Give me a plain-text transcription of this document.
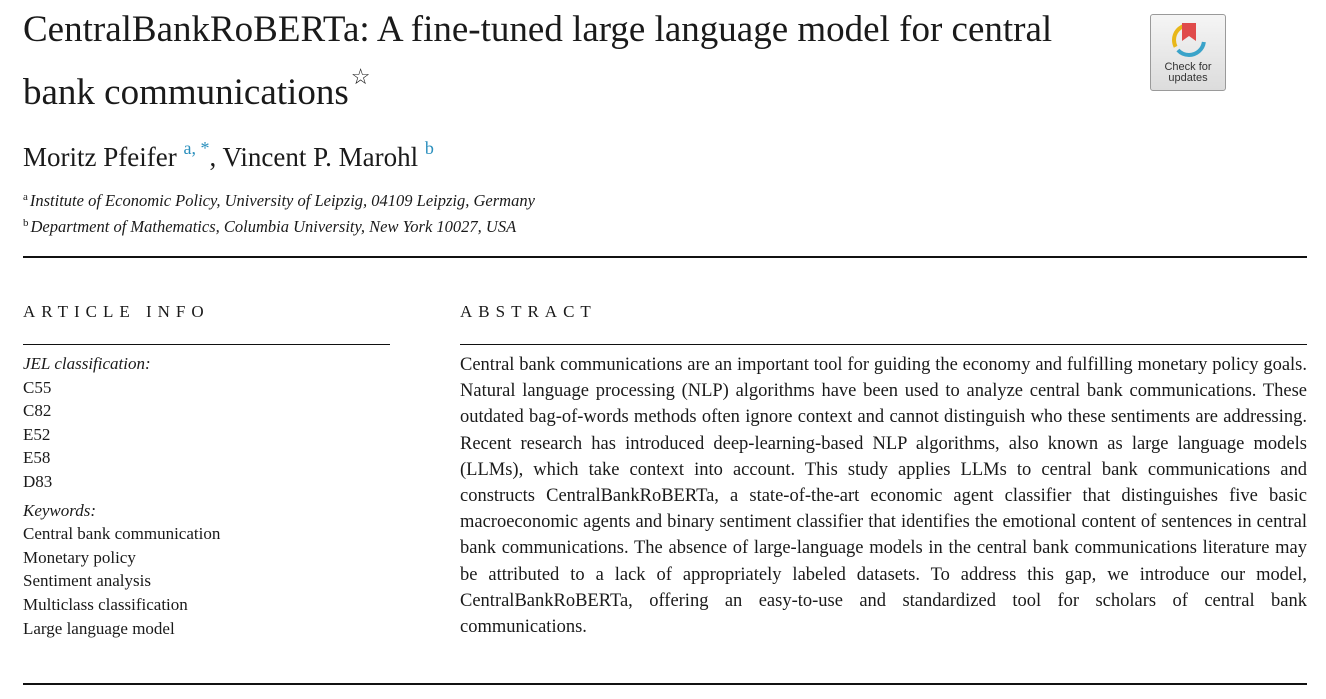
CentralBankRoBERTa: A fine-tuned large language model for central bank communications☆	Check for
updates
Moritz Pfeifer $^{a, *}$, Vincent P. Marohl $^b$
$^a$ Institute of Economic Policy, University of Leipzig, 04109 Leipzig, Germany
$^b$ Department of Mathematics, Columbia University, New York 10027, USA
ARTICLE INFO
JEL classification:
C55
C82
E52
E58
D83
Keywords:
Central bank communication
Monetary policy
Sentiment analysis
Multiclass classification
Large language model
ABSTRACT

Central bank communications are an important tool for guiding the economy and fulfilling monetary policy goals. Natural language processing (NLP) algorithms have been used to analyze central bank communications. These outdated bag-of-words methods often ignore context and cannot distinguish who these sentiments are addressing. Recent research has introduced deep-learning-based NLP algorithms, also known as large language models (LLMs), which take context into account. This study applies LLMs to central bank communications and constructs CentralBankRoBERTa, a state-of-the-art economic agent classifier that distinguishes five basic macroeconomic agents and binary sentiment classifier that identifies the emotional content of sentences in central bank communications. The absence of large-language models in the central bank communications literature may be attributed to a lack of appropriately labeled datasets. To address this gap, we introduce our model, CentralBankRoBERTa, offering an easy-to-use and standardized tool for scholars of central bank communications.
